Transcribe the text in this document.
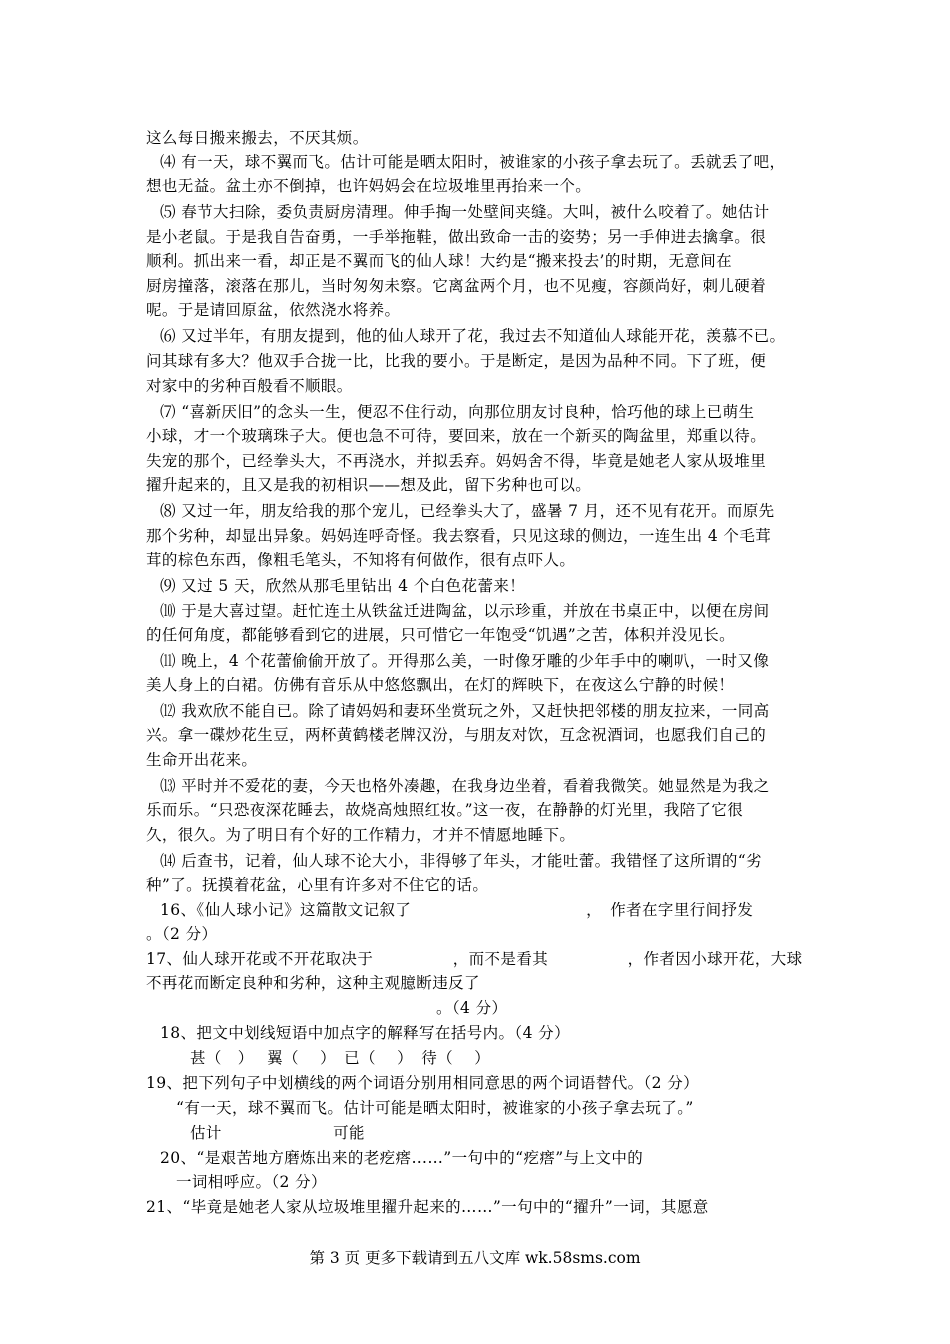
这么每日搬来搬去，不厌其烦。
⑷ 有一天，球不翼而飞。估计可能是晒太阳时，被谁家的小孩子拿去玩了。丢就丢了吧，
想也无益。盆土亦不倒掉，也许妈妈会在垃圾堆里再抬来一个。
⑸ 春节大扫除，委负责厨房清理。伸手掏一处壁间夹缝。大叫，被什么咬着了。她估计
是小老鼠。于是我自告奋勇，一手举拖鞋，做出致命一击的姿势；另一手伸进去擒拿。很
顺利。抓出来一看，却正是不翼而飞的仙人球！大约是“搬来投去’的时期，无意间在
厨房撞落，滚落在那儿，当时匆匆未察。它离盆两个月，也不见瘦，容颜尚好，刺儿硬着
呢。于是请回原盆，依然浇水将养。
⑹ 又过半年，有朋友提到，他的仙人球开了花，我过去不知道仙人球能开花，羡慕不已。
问其球有多大？他双手合拢一比，比我的要小。于是断定，是因为品种不同。下了班，便
对家中的劣种百般看不顺眼。
⑺ “喜新厌旧”的念头一生，便忍不住行动，向那位朋友讨良种，恰巧他的球上已萌生
小球，才一个玻璃珠子大。便也急不可待，要回来，放在一个新买的陶盆里，郑重以待。
失宠的那个，已经拳头大，不再浇水，并拟丢弃。妈妈舍不得，毕竟是她老人家从圾堆里
擢升起来的，且又是我的初相识——想及此，留下劣种也可以。
⑻ 又过一年，朋友给我的那个宠儿，已经拳头大了，盛暑 7 月，还不见有花开。而原先
那个劣种，却显出异象。妈妈连呼奇怪。我去察看，只见这球的侧边，一连生出 4 个毛茸
茸的棕色东西，像粗毛笔头，不知将有何做作，很有点吓人。
⑼ 又过 5 天，欣然从那毛里钻出 4 个白色花蕾来！
⑽ 于是大喜过望。赶忙连土从铁盆迁进陶盆，以示珍重，并放在书桌正中，以便在房间
的任何角度，都能够看到它的进展，只可惜它一年饱受“饥遇”之苦，体积并没见长。
⑾ 晚上，4 个花蕾偷偷开放了。开得那么美，一时像牙雕的少年手中的喇叭，一时又像
美人身上的白裙。仿佛有音乐从中悠悠飘出，在灯的辉映下，在夜这么宁静的时候！
⑿ 我欢欣不能自已。除了请妈妈和妻环坐赏玩之外，又赶快把邻楼的朋友拉来，一同高
兴。拿一碟炒花生豆，两杯黄鹤楼老牌汉汾，与朋友对饮，互念祝酒词，也愿我们自己的
生命开出花来。
⒀ 平时并不爱花的妻，今天也格外凑趣，在我身边坐着，看着我微笑。她显然是为我之
乐而乐。“只恐夜深花睡去，故烧高烛照红妆。”这一夜，在静静的灯光里，我陪了它很
久，很久。为了明日有个好的工作精力，才并不情愿地睡下。
⒁ 后查书，记着，仙人球不论大小，非得够了年头，才能吐蕾。我错怪了这所谓的“劣
种”了。抚摸着花盆，心里有许多对不住它的话。
16、《仙人球小记》这篇散文记叙了　　　　　　　　　　　，　作者在字里行间抒发
。（2 分）
17、仙人球开花或不开花取决于　　　　　，而不是看其　　　　　，作者因小球开花，大球
不再花而断定良种和劣种，这种主观臆断违反了
。（4 分）
18、把文中划线短语中加点字的解释写在括号内。（4 分）
甚（　）　 翼（　 ）　已（　 ）　待（　 ）
19、把下列句子中划横线的两个词语分别用相同意思的两个词语替代。（2 分）
“有一天，球不翼而飞。估计可能是晒太阳时，被谁家的小孩子拿去玩了。”
估计　　　　　　　可能
20、“是艰苦地方磨炼出来的老疙瘩……”一句中的“疙瘩”与上文中的
一词相呼应。（2 分）
21、“毕竟是她老人家从垃圾堆里擢升起来的……”一句中的“擢升”一词，其愿意
第 3 页 更多下载请到五八文库 wk.58sms.com
